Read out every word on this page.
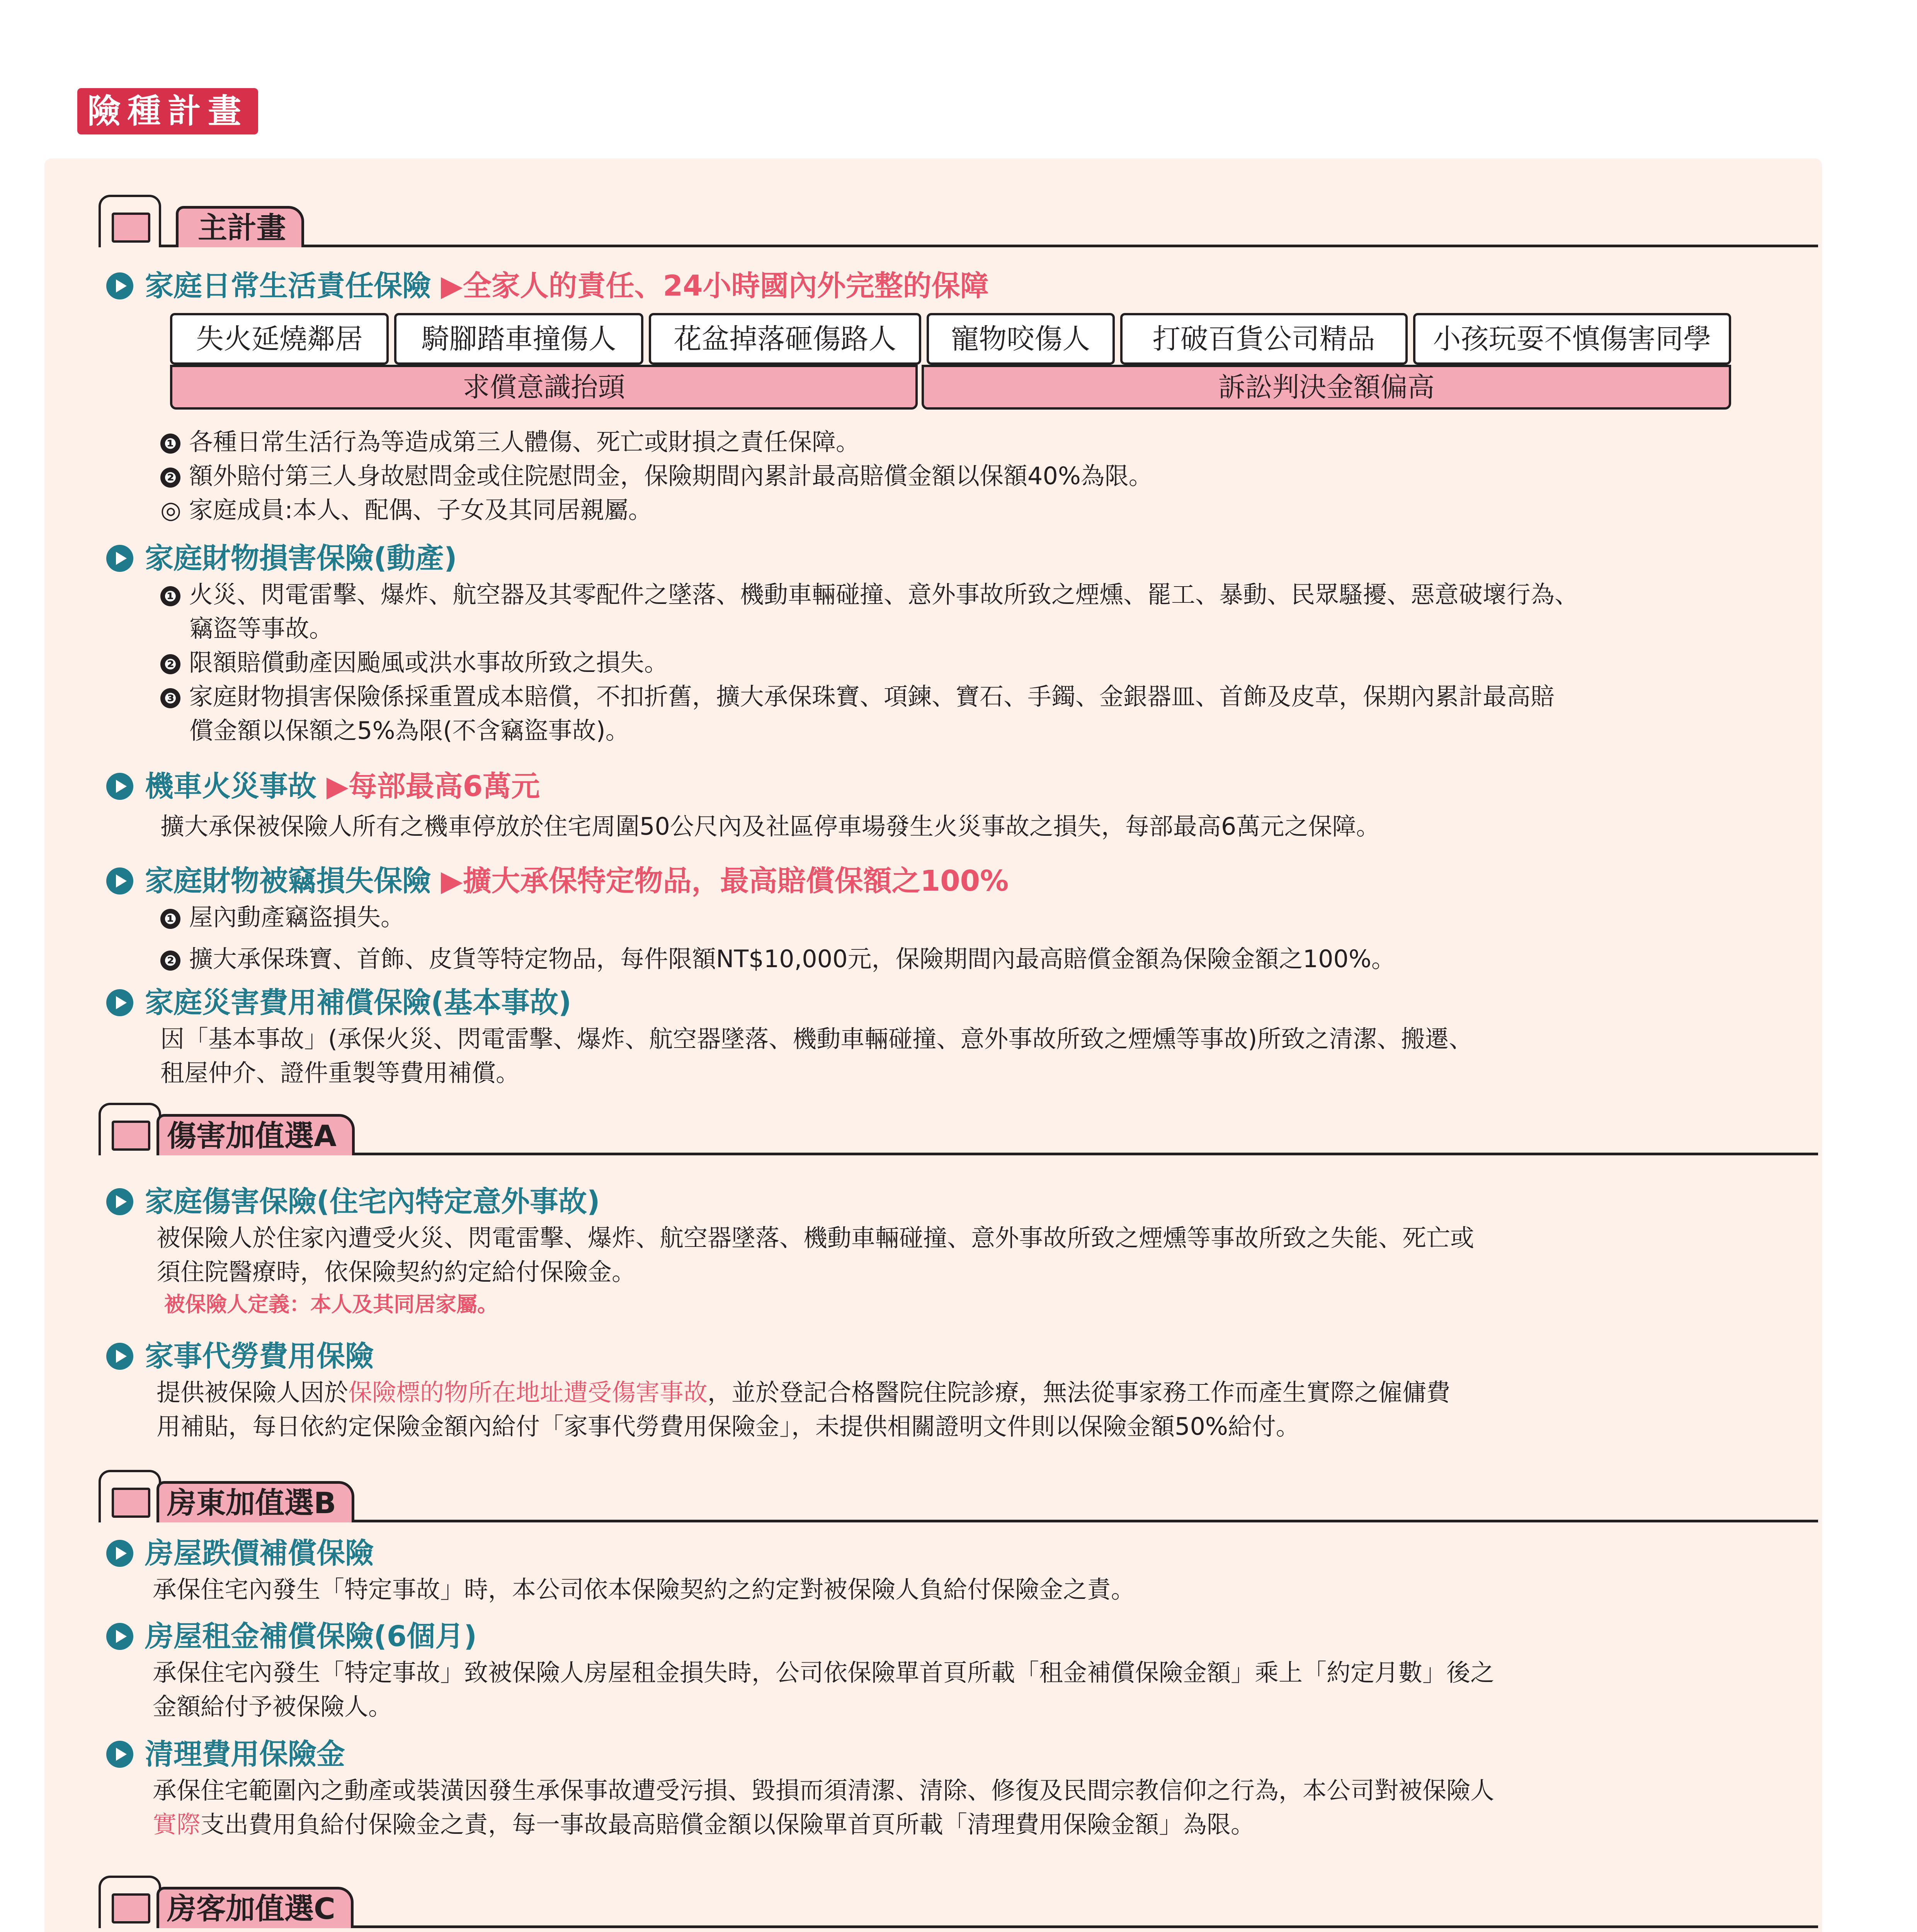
險種計畫
主計畫
家庭日常生活責任保險 ▶全家人的責任、24小時國內外完整的保障
失火延燒鄰居	騎腳踏車撞傷人	花盆掉落砸傷路人	寵物咬傷人	打破百貨公司精品	小孩玩耍不慎傷害同學
求償意識抬頭	訴訟判決金額偏高
❶ 各種日常生活行為等造成第三人體傷、死亡或財損之責任保障。
❷ 額外賠付第三人身故慰問金或住院慰問金，保險期間內累計最高賠償金額以保額40%為限。
◎ 家庭成員:本人、配偶、子女及其同居親屬。
家庭財物損害保險(動產)
❶ 火災、閃電雷擊、爆炸、航空器及其零配件之墜落、機動車輛碰撞、意外事故所致之煙燻、罷工、暴動、民眾騷擾、惡意破壞行為、
竊盜等事故。
❷ 限額賠償動產因颱風或洪水事故所致之損失。
❸ 家庭財物損害保險係採重置成本賠償，不扣折舊，擴大承保珠寶、項鍊、寶石、手鐲、金銀器皿、首飾及皮草，保期內累計最高賠
償金額以保額之5%為限(不含竊盜事故)。
機車火災事故 ▶每部最高6萬元
擴大承保被保險人所有之機車停放於住宅周圍50公尺內及社區停車場發生火災事故之損失，每部最高6萬元之保障。
家庭財物被竊損失保險 ▶擴大承保特定物品，最高賠償保額之100%
❶ 屋內動產竊盜損失。
❷ 擴大承保珠寶、首飾、皮貨等特定物品，每件限額NT$10,000元，保險期間內最高賠償金額為保險金額之100%。
家庭災害費用補償保險(基本事故)
因「基本事故」(承保火災、閃電雷擊、爆炸、航空器墜落、機動車輛碰撞、意外事故所致之煙燻等事故)所致之清潔、搬遷、
租屋仲介、證件重製等費用補償。
傷害加值選A
家庭傷害保險(住宅內特定意外事故)
被保險人於住家內遭受火災、閃電雷擊、爆炸、航空器墜落、機動車輛碰撞、意外事故所致之煙燻等事故所致之失能、死亡或
須住院醫療時，依保險契約約定給付保險金。
被保險人定義：本人及其同居家屬。
家事代勞費用保險
提供被保險人因於保險標的物所在地址遭受傷害事故，並於登記合格醫院住院診療，無法從事家務工作而產生實際之僱傭費
用補貼，每日依約定保險金額內給付「家事代勞費用保險金」，未提供相關證明文件則以保險金額50%給付。
房東加值選B
房屋跌價補償保險
承保住宅內發生「特定事故」時，本公司依本保險契約之約定對被保險人負給付保險金之責。
房屋租金補償保險(6個月)
承保住宅內發生「特定事故」致被保險人房屋租金損失時，公司依保險單首頁所載「租金補償保險金額」乘上「約定月數」後之
金額給付予被保險人。
清理費用保險金
承保住宅範圍內之動產或裝潢因發生承保事故遭受污損、毀損而須清潔、清除、修復及民間宗教信仰之行為，本公司對被保險人
實際支出費用負給付保險金之責，每一事故最高賠償金額以保險單首頁所載「清理費用保險金額」為限。
房客加值選C
